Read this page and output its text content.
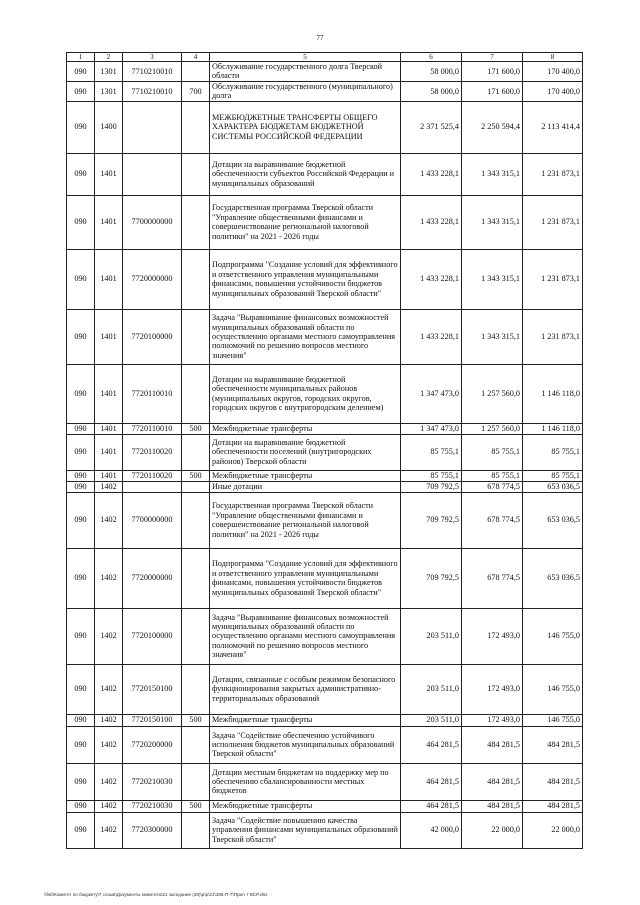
77
1	2	3	4	5	6	7	8
090	1301	7710210010		Обслуживание государственного долга Тверской области	58 000,0	171 600,0	170 400,0
090	1301	7710210010	700	Обслуживание государственного (муниципального) долга	58 000,0	171 600,0	170 400,0
090	1400			МЕЖБЮДЖЕТНЫЕ ТРАНСФЕРТЫ ОБЩЕГО ХАРАКТЕРА БЮДЖЕТАМ БЮДЖЕТНОЙ СИСТЕМЫ РОССИЙСКОЙ ФЕДЕРАЦИИ	2 371 525,4	2 250 594,4	2 113 414,4
090	1401			Дотации на выравнивание бюджетной обеспеченности субъектов Российской Федерации и муниципальных образований	1 433 228,1	1 343 315,1	1 231 873,1
090	1401	7700000000		Государственная программа Тверской области "Управление общественными финансами и совершенствование региональной налоговой политики" на 2021 - 2026 годы	1 433 228,1	1 343 315,1	1 231 873,1
090	1401	7720000000		Подпрограмма "Создание условий для эффективного и ответственного управления муниципальными финансами, повышения устойчивости бюджетов муниципальных образований Тверской области"	1 433 228,1	1 343 315,1	1 231 873,1
090	1401	7720100000		Задача "Выравнивание финансовых возможностей муниципальных образований области по осуществлению органами местного самоуправления полномочий по решению вопросов местного значения"	1 433 228,1	1 343 315,1	1 231 873,1
090	1401	7720110010		Дотации на выравнивание бюджетной обеспеченности муниципальных районов (муниципальных округов, городских округов, городских округов с внутригородским делением)	1 347 473,0	1 257 560,0	1 146 118,0
090	1401	7720110010	500	Межбюджетные трансферты	1 347 473,0	1 257 560,0	1 146 118,0
090	1401	7720110020		Дотации на выравнивание бюджетной обеспеченности поселений (внутригородских районов) Тверской области	85 755,1	85 755,1	85 755,1
090	1401	7720110020	500	Межбюджетные трансферты	85 755,1	85 755,1	85 755,1
090	1402			Иные дотации	709 792,5	678 774,5	653 036,5
090	1402	7700000000		Государственная программа Тверской области "Управление общественными финансами и совершенствование региональной налоговой политики" на 2021 - 2026 годы	709 792,5	678 774,5	653 036,5
090	1402	7720000000		Подпрограмма "Создание условий для эффективного и ответственного управления муниципальными финансами, повышения устойчивости бюджетов муниципальных образований Тверской области"	709 792,5	678 774,5	653 036,5
090	1402	7720100000		Задача "Выравнивание финансовых возможностей муниципальных образований области по осуществлению органами местного самоуправления полномочий по решению вопросов местного значения"	203 511,0	172 493,0	146 755,0
090	1402	7720150100		Дотации, связанные с особым режимом безопасного функционирования закрытых административно-территориальных образований	203 511,0	172 493,0	146 755,0
090	1402	7720150100	500	Межбюджетные трансферты	203 511,0	172 493,0	146 755,0
090	1402	7720200000		Задача "Содействие обеспечению устойчивого исполнения бюджетов муниципальных образований Тверской области"	464 281,5	484 281,5	484 281,5
090	1402	7720210030		Дотации местным бюджетам на поддержку мер по обеспечению сбалансированности местных бюджетов	464 281,5	484 281,5	484 281,5
090	1402	7720210030	500	Межбюджетные трансферты	464 281,5	484 281,5	484 281,5
090	1402	7720300000		Задача "Содействие повышению качества управления финансами муниципальных образований Тверской области"	42 000,0	22 000,0	22 000,0
\\fs0\Комитет по бюджету\7 созыв\Документы комитета\21 заседание (28)\р\р\21\385-П-7\Прил 7 ВСР.xlsx
